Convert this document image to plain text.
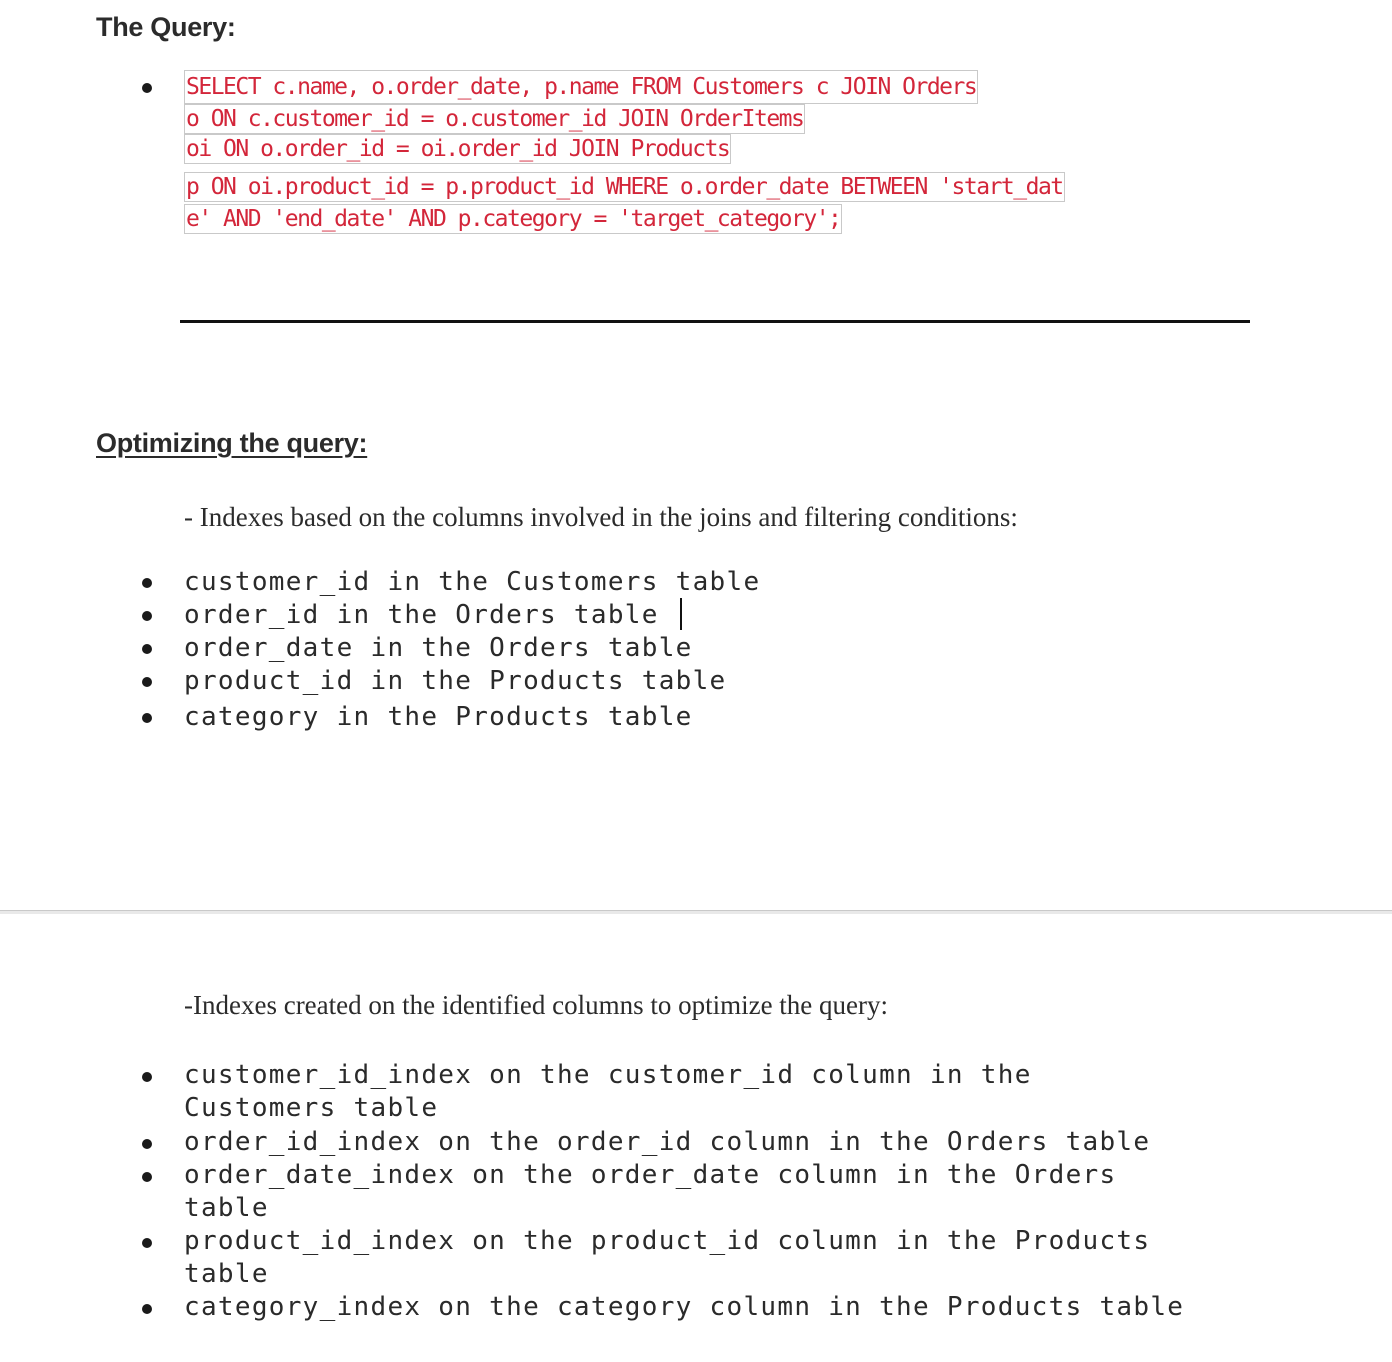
The Query:
SELECT c.name, o.order_date, p.name FROM Customers c JOIN Orders
o ON c.customer_id = o.customer_id JOIN OrderItems
oi ON o.order_id = oi.order_id JOIN Products
p ON oi.product_id = p.product_id WHERE o.order_date BETWEEN 'start_dat
e' AND 'end_date' AND p.category = 'target_category';
Optimizing the query:

- Indexes based on the columns involved in the joins and filtering conditions:

customer_id in the Customers table
order_id in the Orders table
order_date in the Orders table
product_id in the Products table
category in the Products table

-Indexes created on the identified columns to optimize the query:

customer_id_index on the customer_id column in the
Customers table
order_id_index on the order_id column in the Orders table
order_date_index on the order_date column in the Orders
table
product_id_index on the product_id column in the Products
table
category_index on the category column in the Products table
